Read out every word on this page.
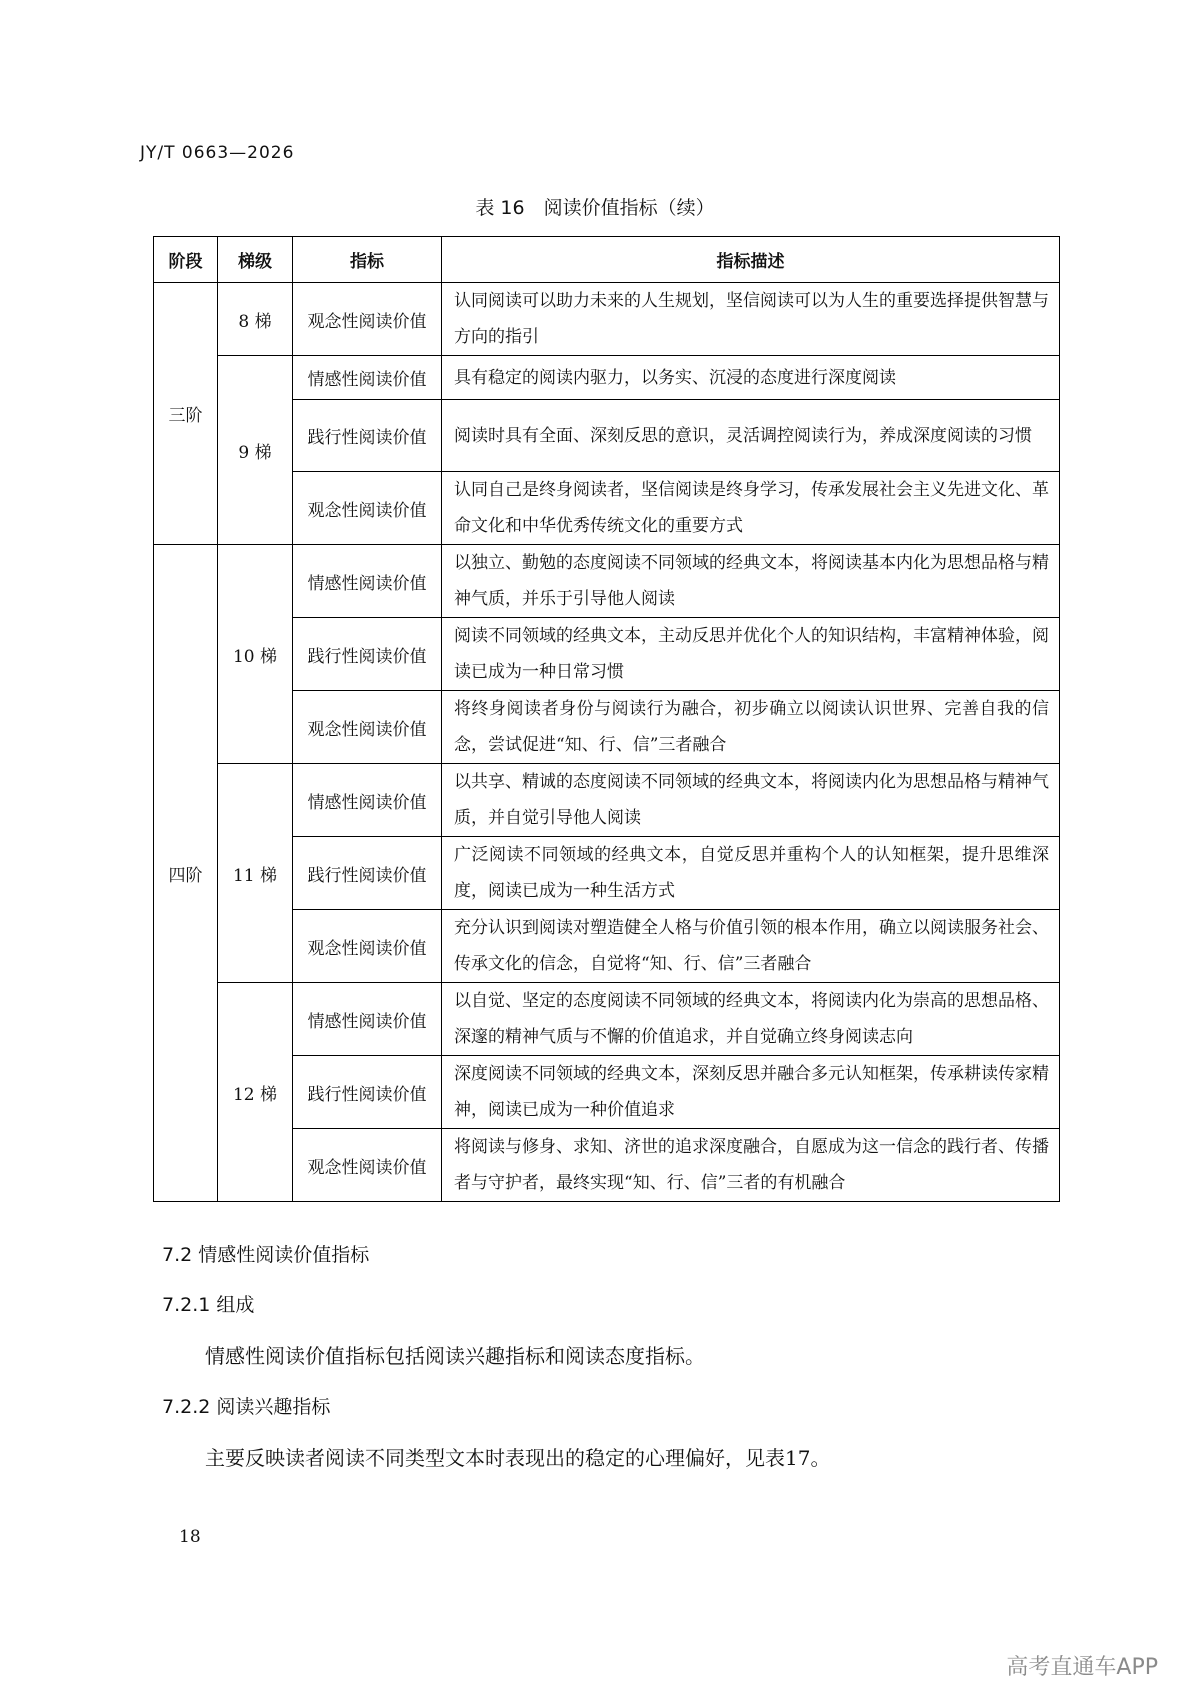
JY/T 0663—2026
表 16　阅读价值指标（续）
阶段	梯级	指标	指标描述
三阶	8 梯	观念性阅读价值	认同阅读可以助力未来的人生规划，坚信阅读可以为人生的重要选择提供智慧与方向的指引
	9 梯	情感性阅读价值	具有稳定的阅读内驱力，以务实、沉浸的态度进行深度阅读
		践行性阅读价值	阅读时具有全面、深刻反思的意识，灵活调控阅读行为，养成深度阅读的习惯
		观念性阅读价值	认同自己是终身阅读者，坚信阅读是终身学习，传承发展社会主义先进文化、革命文化和中华优秀传统文化的重要方式
四阶	10 梯	情感性阅读价值	以独立、勤勉的态度阅读不同领域的经典文本，将阅读基本内化为思想品格与精神气质，并乐于引导他人阅读
		践行性阅读价值	阅读不同领域的经典文本，主动反思并优化个人的知识结构，丰富精神体验，阅读已成为一种日常习惯
		观念性阅读价值	将终身阅读者身份与阅读行为融合，初步确立以阅读认识世界、完善自我的信念，尝试促进“知、行、信”三者融合
	11 梯	情感性阅读价值	以共享、精诚的态度阅读不同领域的经典文本，将阅读内化为思想品格与精神气质，并自觉引导他人阅读
		践行性阅读价值	广泛阅读不同领域的经典文本，自觉反思并重构个人的认知框架，提升思维深度，阅读已成为一种生活方式
		观念性阅读价值	充分认识到阅读对塑造健全人格与价值引领的根本作用，确立以阅读服务社会、传承文化的信念，自觉将“知、行、信”三者融合
	12 梯	情感性阅读价值	以自觉、坚定的态度阅读不同领域的经典文本，将阅读内化为崇高的思想品格、深邃的精神气质与不懈的价值追求，并自觉确立终身阅读志向
		践行性阅读价值	深度阅读不同领域的经典文本，深刻反思并融合多元认知框架，传承耕读传家精神，阅读已成为一种价值追求
		观念性阅读价值	将阅读与修身、求知、济世的追求深度融合，自愿成为这一信念的践行者、传播者与守护者，最终实现“知、行、信”三者的有机融合
7.2 情感性阅读价值指标
7.2.1 组成
情感性阅读价值指标包括阅读兴趣指标和阅读态度指标。
7.2.2 阅读兴趣指标
主要反映读者阅读不同类型文本时表现出的稳定的心理偏好，见表17。
18
高考直通车APP
